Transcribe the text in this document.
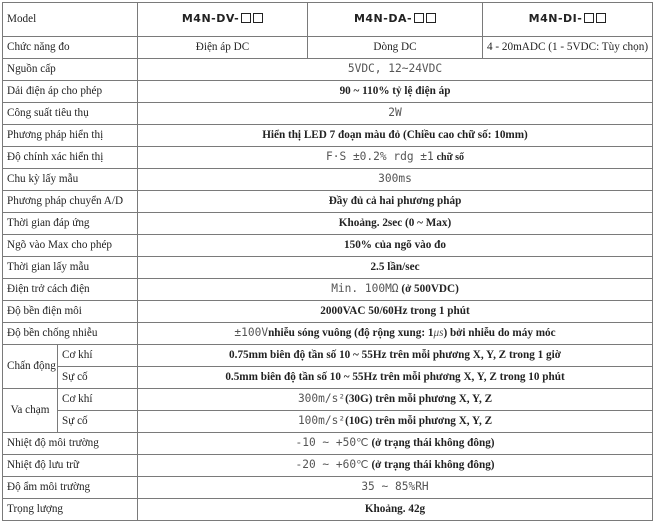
Model		M4N-DV-	M4N-DA-	M4N-DI-
Chức năng đo		Điện áp DC	Dòng DC	4 - 20mADC (1 - 5VDC: Tùy chọn)
Nguồn cấp		5VDC, 12~24VDC		
Dải điện áp cho phép		90 ~ 110% tỷ lệ điện áp		
Công suất tiêu thụ		2W		
Phương pháp hiển thị		Hiển thị LED 7 đoạn màu đỏ (Chiều cao chữ số: 10mm)		
Độ chính xác hiển thị		F·S ±0.2% rdg ±1 chữ số		
Chu kỳ lấy mẫu		300ms		
Phương pháp chuyển A/D		Đầy đủ cả hai phương pháp		
Thời gian đáp ứng		Khoảng. 2sec (0 ~ Max)		
Ngõ vào Max cho phép		150% của ngõ vào đo		
Thời gian lấy mẫu		2.5 lần/sec		
Điện trở cách điện		Min. 100MΩ (ở 500VDC)		
Độ bền điện môi		2000VAC 50/60Hz trong 1 phút		
Độ bền chống nhiễu		±100Vnhiễu sóng vuông (độ rộng xung: 1μs) bởi nhiễu do máy móc		
Chấn động	Cơ khí	0.75mm biên độ tần số 10 ~ 55Hz trên mỗi phương X, Y, Z trong 1 giờ		
	Sự cố	0.5mm biên độ tần số 10 ~ 55Hz trên mỗi phương X, Y, Z trong 10 phút		
Va chạm	Cơ khí	300m/s²(30G) trên mỗi phương X, Y, Z		
	Sự cố	100m/s²(10G) trên mỗi phương X, Y, Z		
Nhiệt độ môi trường		-10 ~ +50℃ (ở trạng thái không đông)		
Nhiệt độ lưu trữ		-20 ~ +60℃ (ở trạng thái không đông)		
Độ ẩm môi trường		35 ~ 85%RH		
Trọng lượng		Khoảng. 42g		
